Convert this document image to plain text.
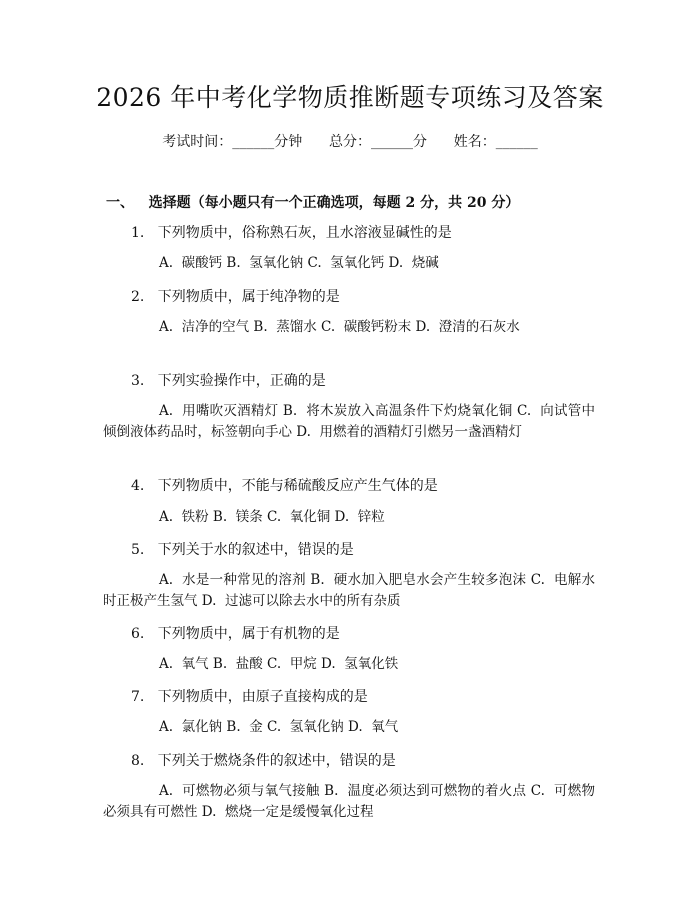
2026 年中考化学物质推断题专项练习及答案
考试时间：______分钟      总分：______分      姓名：______
一、   选择题（每小题只有一个正确选项，每题 2 分，共 20 分）
1.   下列物质中，俗称熟石灰，且水溶液显碱性的是
A.  碳酸钙 B.  氢氧化钠 C.  氢氧化钙 D.  烧碱
2.   下列物质中，属于纯净物的是
A.  洁净的空气 B.  蒸馏水 C.  碳酸钙粉末 D.  澄清的石灰水
3.   下列实验操作中，正确的是
A.  用嘴吹灭酒精灯 B.  将木炭放入高温条件下灼烧氧化铜 C.  向试管中倾倒液体药品时，标签朝向手心 D.  用燃着的酒精灯引燃另一盏酒精灯
4.   下列物质中，不能与稀硫酸反应产生气体的是
A.  铁粉 B.  镁条 C.  氧化铜 D.  锌粒
5.   下列关于水的叙述中，错误的是
A.  水是一种常见的溶剂 B.  硬水加入肥皂水会产生较多泡沫 C.  电解水时正极产生氢气 D.  过滤可以除去水中的所有杂质
6.   下列物质中，属于有机物的是
A.  氧气 B.  盐酸 C.  甲烷 D.  氢氧化铁
7.   下列物质中，由原子直接构成的是
A.  氯化钠 B.  金 C.  氢氧化钠 D.  氧气
8.   下列关于燃烧条件的叙述中，错误的是
A.  可燃物必须与氧气接触 B.  温度必须达到可燃物的着火点 C.  可燃物必须具有可燃性 D.  燃烧一定是缓慢氧化过程
